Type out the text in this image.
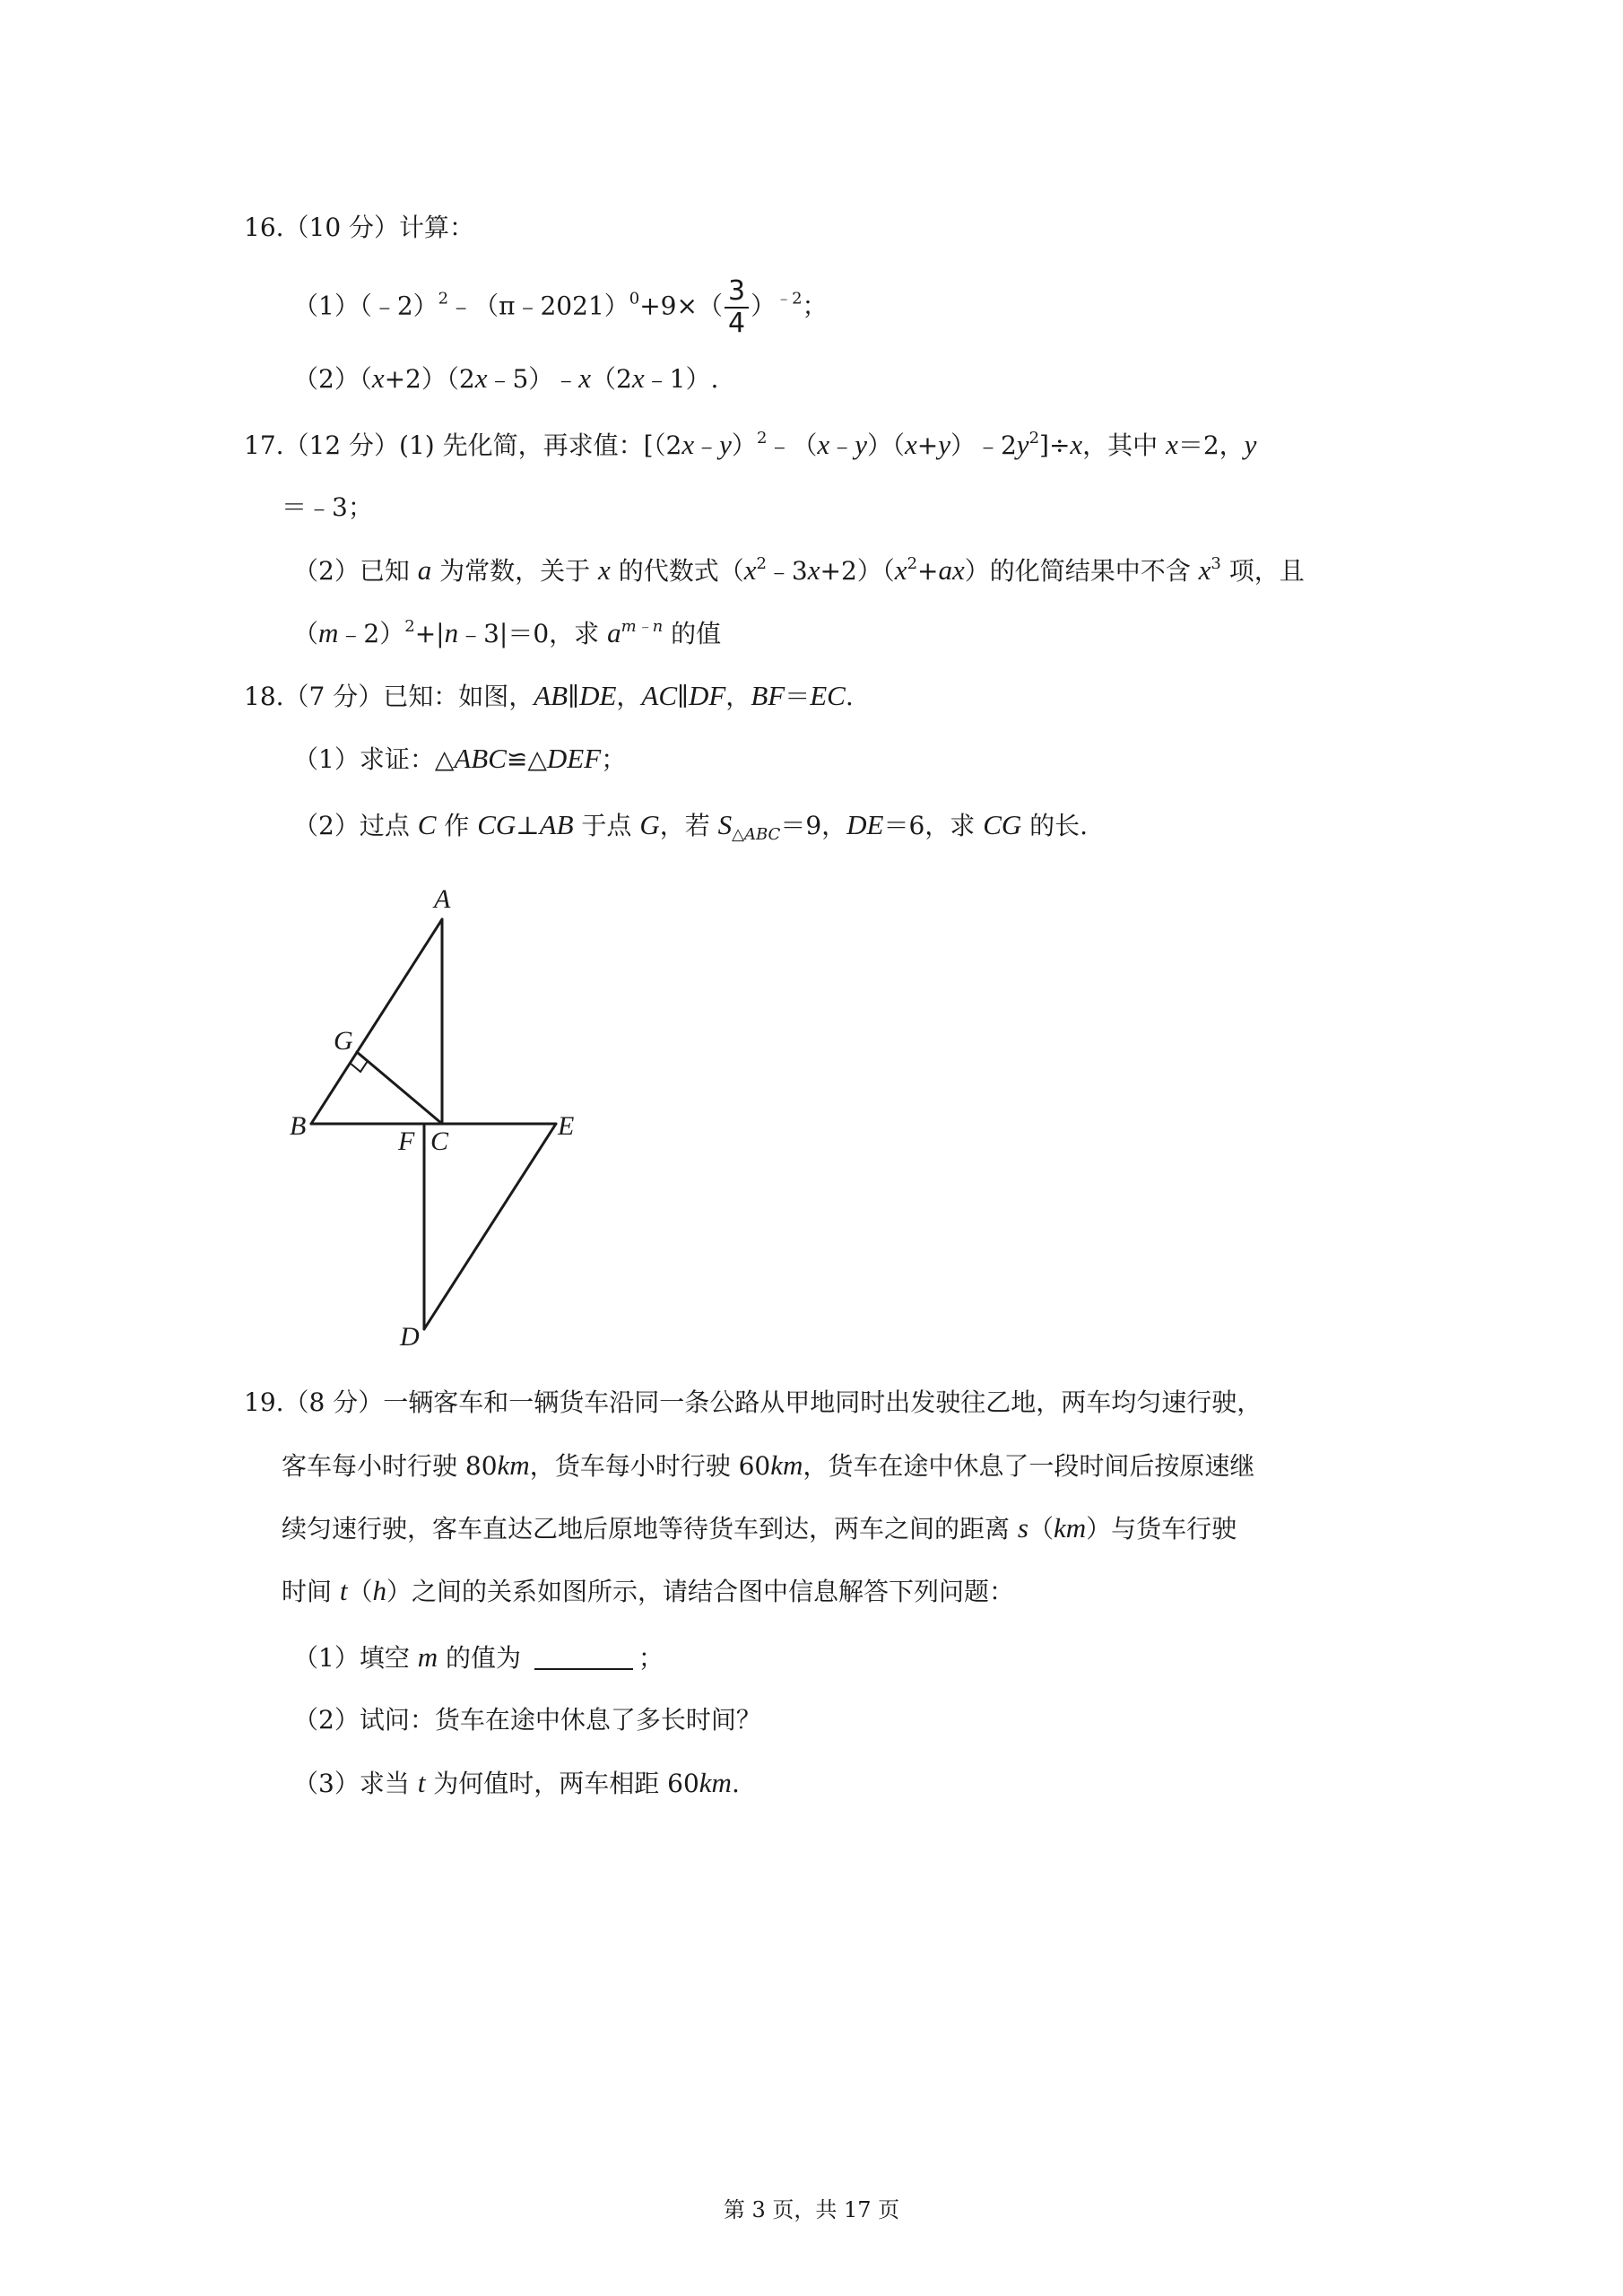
16.（10 分）计算：
（1）（﹣2）$^2$﹣（π﹣2021）$^0$+9×（ $\frac{3}{4} )^{﹣2}$；
（2）（x+2）（2x﹣5）﹣x（2x﹣1）.
17.（12 分）(1) 先化简，再求值：$[(2x﹣y)^2﹣(x﹣y)(x+y)﹣2y^2]\div x$，其中 x＝2，y
＝﹣3；
（2）已知 a 为常数，关于 x 的代数式$(x^2﹣3x+2)(x^2+ax)$的化简结果中不含 $x^3$ 项，且
（m﹣2）$^2$+|n﹣3|＝0，求 $a^{m﹣n}$ 的值
18.（7 分）已知：如图，AB∥DE，AC∥DF，BF＝EC.
（1）求证：△ABC≌△DEF；
（2）过点 C 作 CG⊥AB 于点 G，若 $S_{\triangle ABC}=9$，DE＝6，求 CG 的长.
A
G
B
F C
E
D
19.（8 分）一辆客车和一辆货车沿同一条公路从甲地同时出发驶往乙地，两车均匀速行驶，
客车每小时行驶 80km，货车每小时行驶 60km，货车在途中休息了一段时间后按原速继
续匀速行驶，客车直达乙地后原地等待货车到达，两车之间的距离 s（km）与货车行驶
时间 t（h）之间的关系如图所示，请结合图中信息解答下列问题：
（1）填空 m 的值为	；
（2）试问：货车在途中休息了多长时间？
（3）求当 t 为何值时，两车相距 60km.
第 3 页，共 17 页
